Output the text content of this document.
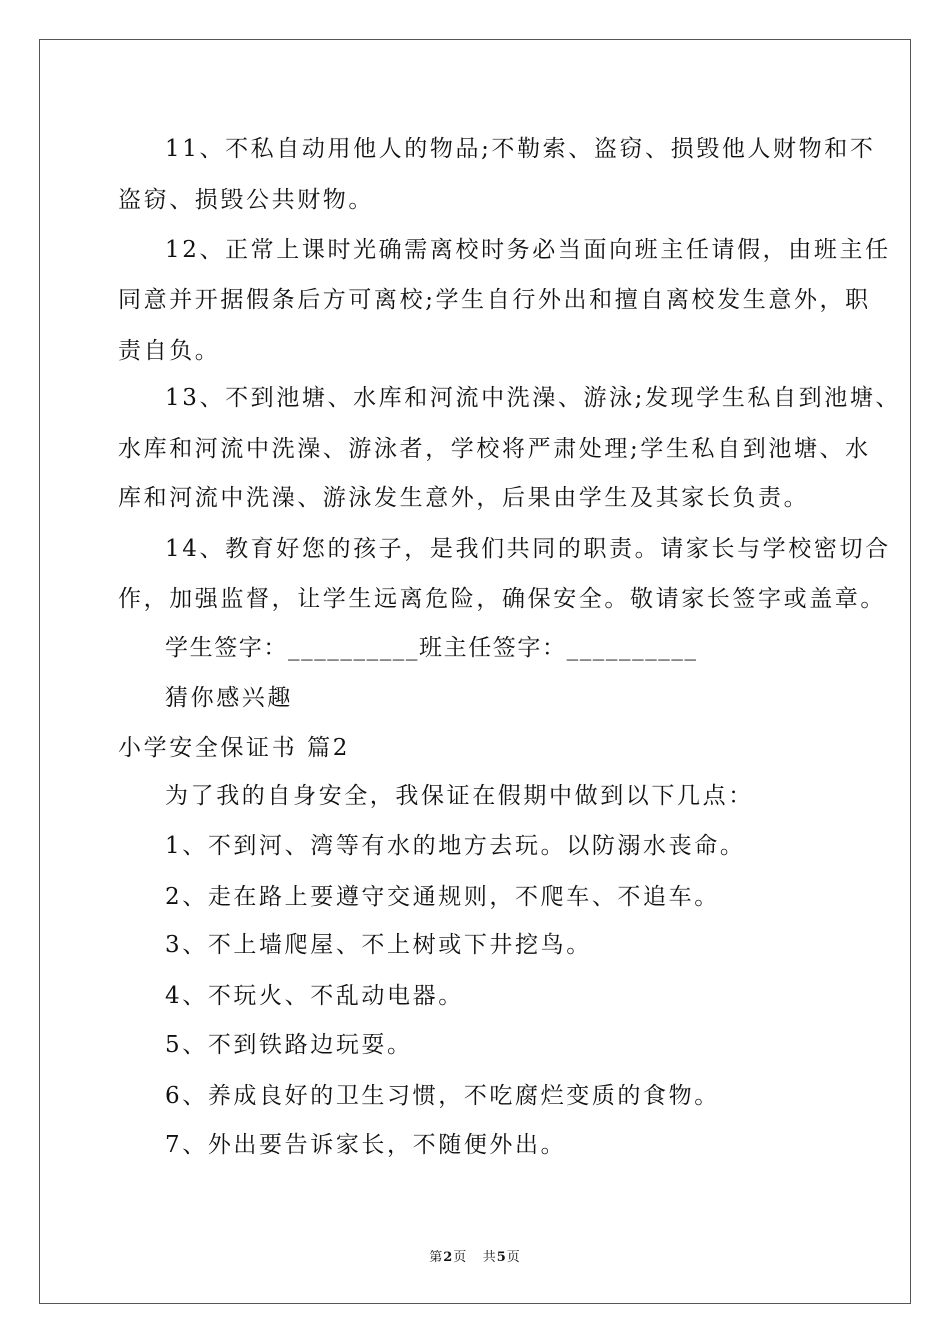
11、不私自动用他人的物品;不勒索、盗窃、损毁他人财物和不
盗窃、损毁公共财物。
12、正常上课时光确需离校时务必当面向班主任请假，由班主任
同意并开据假条后方可离校;学生自行外出和擅自离校发生意外，职
责自负。
13、不到池塘、水库和河流中洗澡、游泳;发现学生私自到池塘、
水库和河流中洗澡、游泳者，学校将严肃处理;学生私自到池塘、水
库和河流中洗澡、游泳发生意外，后果由学生及其家长负责。
14、教育好您的孩子，是我们共同的职责。请家长与学校密切合
作，加强监督，让学生远离危险，确保安全。敬请家长签字或盖章。
学生签字：__________班主任签字：__________
猜你感兴趣
小学安全保证书 篇2
为了我的自身安全，我保证在假期中做到以下几点：
1、不到河、湾等有水的地方去玩。以防溺水丧命。
2、走在路上要遵守交通规则，不爬车、不追车。
3、不上墙爬屋、不上树或下井挖鸟。
4、不玩火、不乱动电器。
5、不到铁路边玩耍。
6、养成良好的卫生习惯，不吃腐烂变质的食物。
7、外出要告诉家长，不随便外出。
第2页 共5页
